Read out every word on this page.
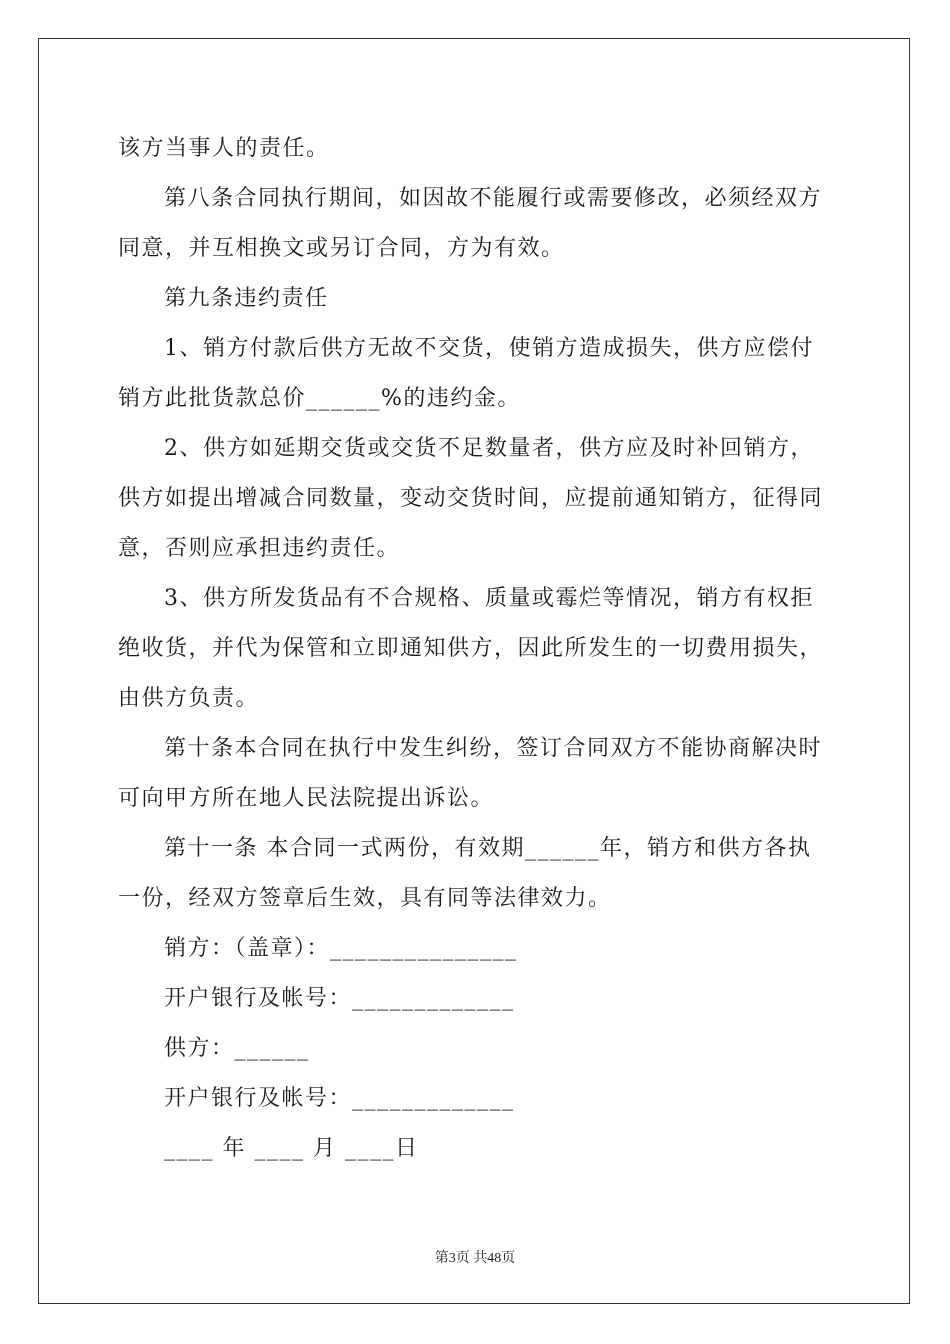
该方当事人的责任。
第八条合同执行期间，如因故不能履行或需要修改，必须经双方
同意，并互相换文或另订合同，方为有效。
第九条违约责任
1、销方付款后供方无故不交货，使销方造成损失，供方应偿付
销方此批货款总价______%的违约金。
2、供方如延期交货或交货不足数量者，供方应及时补回销方，
供方如提出增减合同数量，变动交货时间，应提前通知销方，征得同
意，否则应承担违约责任。
3、供方所发货品有不合规格、质量或霉烂等情况，销方有权拒
绝收货，并代为保管和立即通知供方，因此所发生的一切费用损失，
由供方负责。
第十条本合同在执行中发生纠纷，签订合同双方不能协商解决时
可向甲方所在地人民法院提出诉讼。
第十一条 本合同一式两份，有效期______年，销方和供方各执
一份，经双方签章后生效，具有同等法律效力。
销方：（盖章）：_______________
开户银行及帐号：_____________
供方：______
开户银行及帐号：_____________
____ 年 ____ 月 ____日
第3页 共48页
